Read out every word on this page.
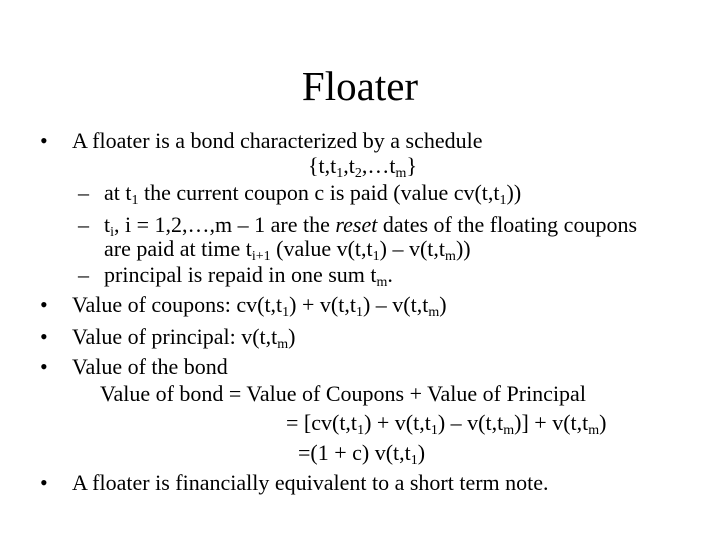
Floater
• A floater is a bond characterized by a schedule
$\{t,t_1,t_2,\dots t_m\}$
– at $t_1$ the current coupon c is paid (value $cv(t,t_1)$)
– $t_i$, i = 1,2,…,m – 1 are the reset dates of the floating coupons
are paid at time $t_{i+1}$ (value $v(t,t_1) - v(t,t_m)$)
– principal is repaid in one sum $t_m$.
• Value of coupons: $cv(t,t_1) + v(t,t_1) - v(t,t_m)$
• Value of principal: $v(t,t_m)$
• Value of the bond
Value of bond = Value of Coupons + Value of Principal
= $[cv(t,t_1) + v(t,t_1) - v(t,t_m)] + v(t,t_m)$
=(1 + c) $v(t,t_1)$
• A floater is financially equivalent to a short term note.
